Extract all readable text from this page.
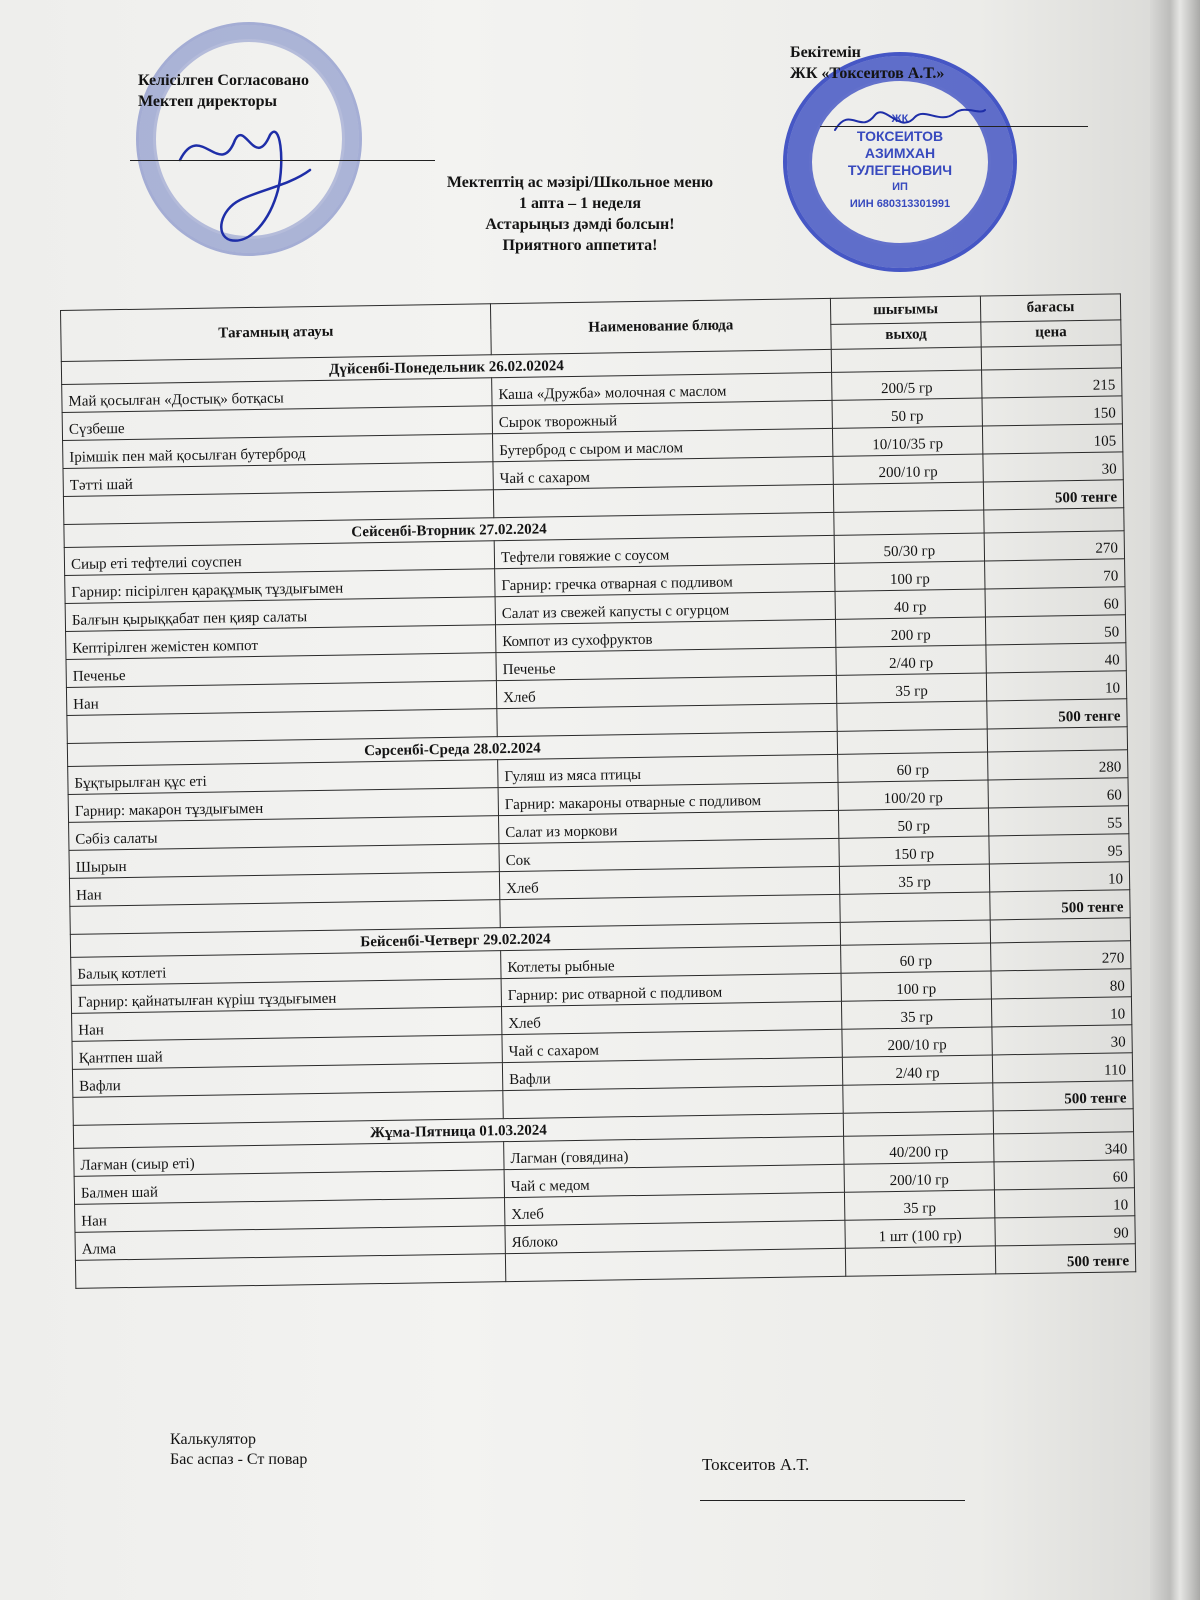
Келісілген Согласовано
Мектеп директоры
ЖК
ТОКСЕИТОВ
АЗИМХАН
ТУЛЕГЕНОВИЧ
ИП
ИИН 680313301991
Бекітемін
ЖК «Токсеитов А.Т.»
Мектептің ас мәзірі/Школьное меню
1 апта – 1 неделя
Астарыңыз дәмді болсын!
Приятного аппетита!
Тағамның атауы	Наименование блюда	шығымы	бағасы
		выход	цена
Дүйсенбі-Понедельник 26.02.02024			
Май қосылған «Достық» ботқасы	Каша «Дружба» молочная с маслом	200/5 гр	215
Сүзбеше	Сырок творожный	50 гр	150
Ірімшік пен май қосылған бутерброд	Бутерброд с сыром и маслом	10/10/35 гр	105
Тәтті шай	Чай с сахаром	200/10 гр	30
			500 тенге
Сейсенбі-Вторник 27.02.2024			
Сиыр еті тефтелиі соуспен	Тефтели говяжие с соусом	50/30 гр	270
Гарнир: пісірілген қарақұмық тұздығымен	Гарнир: гречка отварная с подливом	100 гр	70
Балғын қырыққабат пен қияр салаты	Салат из свежей капусты с огурцом	40 гр	60
Кептірілген жемістен компот	Компот из сухофруктов	200 гр	50
Печенье	Печенье	2/40 гр	40
Нан	Хлеб	35 гр	10
			500 тенге
Сәрсенбі-Среда 28.02.2024			
Бұқтырылған құс еті	Гуляш из мяса птицы	60 гр	280
Гарнир: макарон тұздығымен	Гарнир: макароны отварные с подливом	100/20 гр	60
Сәбіз салаты	Салат из моркови	50 гр	55
Шырын	Сок	150 гр	95
Нан	Хлеб	35 гр	10
			500 тенге
Бейсенбі-Четверг 29.02.2024			
Балық котлеті	Котлеты рыбные	60 гр	270
Гарнир: қайнатылған күріш тұздығымен	Гарнир: рис отварной с подливом	100 гр	80
Нан	Хлеб	35 гр	10
Қантпен шай	Чай с сахаром	200/10 гр	30
Вафли	Вафли	2/40 гр	110
			500 тенге
Жұма-Пятница 01.03.2024			
Лағман (сиыр еті)	Лагман (говядина)	40/200 гр	340
Балмен шай	Чай с медом	200/10 гр	60
Нан	Хлеб	35 гр	10
Алма	Яблоко	1 шт (100 гр)	90
			500 тенге
Калькулятор
Бас аспаз - Ст повар	Токсеитов А.Т.
